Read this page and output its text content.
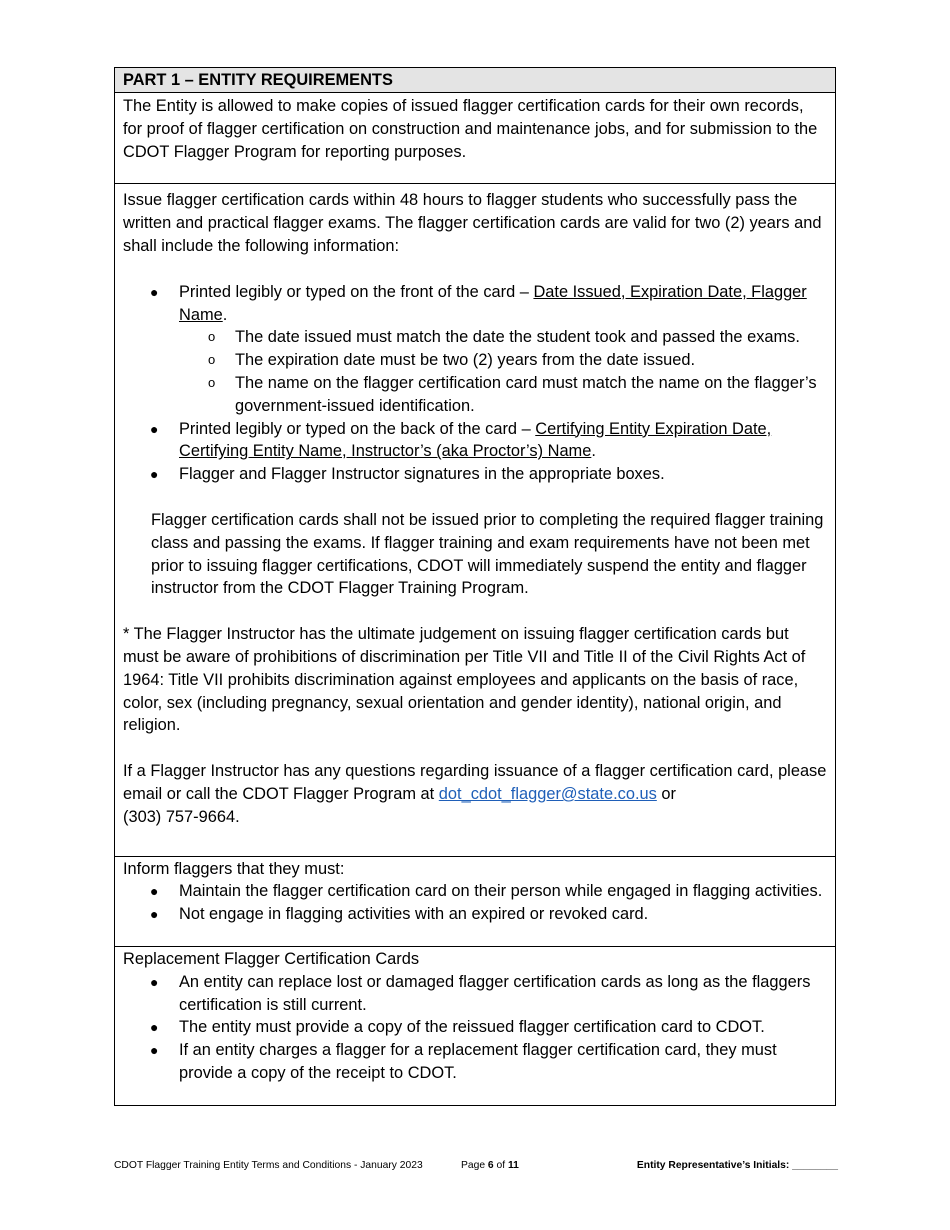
PART 1 – ENTITY REQUIREMENTS

The Entity is allowed to make copies of issued flagger certification cards for their own records, for proof of flagger certification on construction and maintenance jobs, and for submission to the CDOT Flagger Program for reporting purposes.

Issue flagger certification cards within 48 hours to flagger students who successfully pass the written and practical flagger exams. The flagger certification cards are valid for two (2) years and shall include the following information:

● Printed legibly or typed on the front of the card – Date Issued, Expiration Date, Flagger Name.
o The date issued must match the date the student took and passed the exams.
o The expiration date must be two (2) years from the date issued.
o The name on the flagger certification card must match the name on the flagger’s government-issued identification.
● Printed legibly or typed on the back of the card – Certifying Entity Expiration Date, Certifying Entity Name, Instructor’s (aka Proctor’s) Name.
● Flagger and Flagger Instructor signatures in the appropriate boxes.

Flagger certification cards shall not be issued prior to completing the required flagger training class and passing the exams. If flagger training and exam requirements have not been met prior to issuing flagger certifications, CDOT will immediately suspend the entity and flagger instructor from the CDOT Flagger Training Program.

* The Flagger Instructor has the ultimate judgement on issuing flagger certification cards but must be aware of prohibitions of discrimination per Title VII and Title II of the Civil Rights Act of 1964: Title VII prohibits discrimination against employees and applicants on the basis of race, color, sex (including pregnancy, sexual orientation and gender identity), national origin, and religion.

If a Flagger Instructor has any questions regarding issuance of a flagger certification card, please email or call the CDOT Flagger Program at dot_cdot_flagger@state.co.us or
(303) 757-9664.

Inform flaggers that they must:

● Maintain the flagger certification card on their person while engaged in flagging activities.
● Not engage in flagging activities with an expired or revoked card.

Replacement Flagger Certification Cards

● An entity can replace lost or damaged flagger certification cards as long as the flaggers certification is still current.
● The entity must provide a copy of the reissued flagger certification card to CDOT.
● If an entity charges a flagger for a replacement flagger certification card, they must provide a copy of the receipt to CDOT.
CDOT Flagger Training Entity Terms and Conditions - January 2023	Page 6 of 11	Entity Representative’s Initials: ________
